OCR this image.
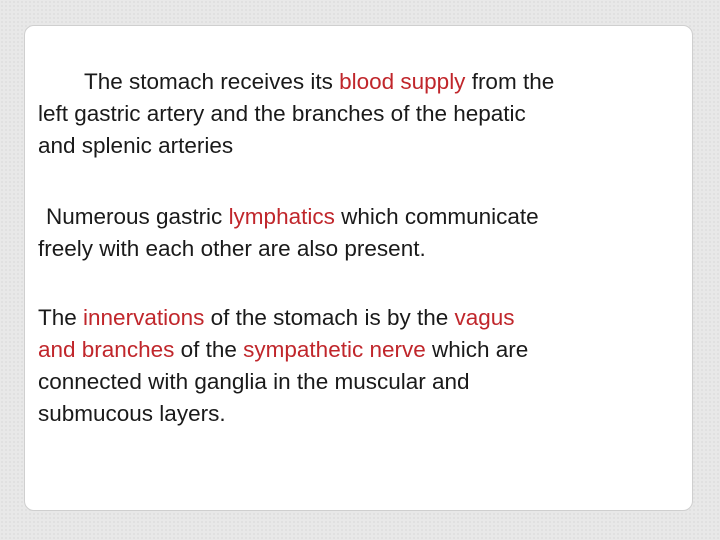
The stomach receives its blood supply from the
left gastric artery and the branches of the hepatic
and splenic arteries

Numerous gastric lymphatics which communicate
freely with each other are also present.

The innervations of the stomach is by the vagus
and branches of the sympathetic nerve which are
connected with ganglia in the muscular and
submucous layers.
